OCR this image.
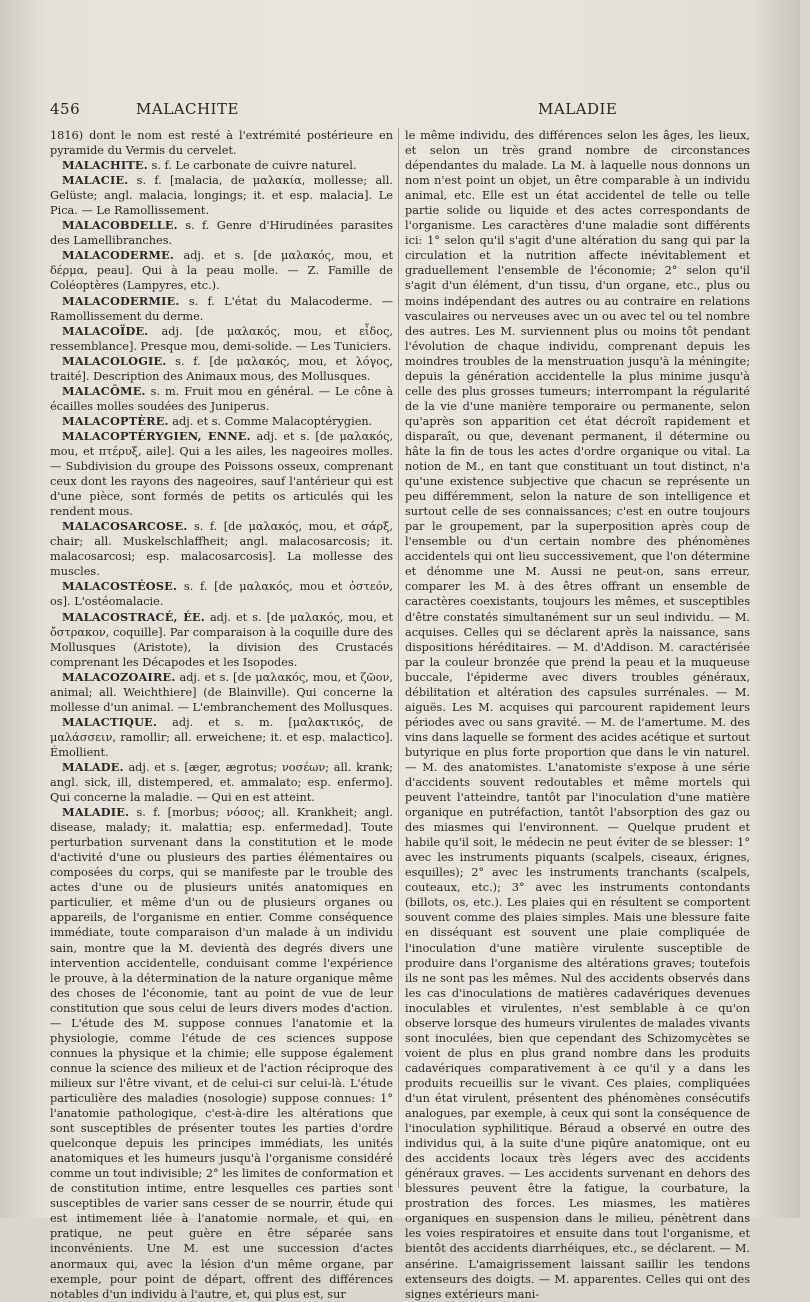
456	MALACHITE	MALADIE

1816) dont le nom est resté à l'extrémité postérieure en pyramide du Vermis du cervelet.

MALACHITE. s. f. Le carbonate de cuivre naturel.

MALACIE. s. f. [malacia, de μαλακία, mollesse; all. Gelüste; angl. malacia, longings; it. et esp. malacia]. Le Pica. — Le Ramollissement.

MALACOBDELLE. s. f. Genre d'Hirudinées parasites des Lamellibranches.

MALACODERME. adj. et s. [de μαλακός, mou, et δέρμα, peau]. Qui à la peau molle. — Z. Famille de Coléoptères (Lampyres, etc.).

MALACODERMIE. s. f. L'état du Malacoderme. — Ramollissement du derme.

MALACOÏDE. adj. [de μαλακός, mou, et εἶδος, ressemblance]. Presque mou, demi-solide. — Les Tuniciers.

MALACOLOGIE. s. f. [de μαλακός, mou, et λόγος, traité]. Description des Animaux mous, des Mollusques.

MALACÔME. s. m. Fruit mou en général. — Le cône à écailles molles soudées des Juniperus.

MALACOPTÈRE. adj. et s. Comme Malacoptérygien.

MALACOPTÉRYGIEN, ENNE. adj. et s. [de μαλακός, mou, et πτέρυξ, aile]. Qui a les ailes, les nageoires molles. — Subdivision du groupe des Poissons osseux, comprenant ceux dont les rayons des nageoires, sauf l'antérieur qui est d'une pièce, sont formés de petits os articulés qui les rendent mous.

MALACOSARCOSE. s. f. [de μαλακός, mou, et σάρξ, chair; all. Muskelschlaffheit; angl. malacosarcosis; it. malacosarcosi; esp. malacosarcosis]. La mollesse des muscles.

MALACOSTÉOSE. s. f. [de μαλακός, mou et ὀστεόν, os]. L'ostéomalacie.

MALACOSTRACÉ, ÉE. adj. et s. [de μαλακός, mou, et ὄστρακον, coquille]. Par comparaison à la coquille dure des Mollusques (Aristote), la division des Crustacés comprenant les Décapodes et les Isopodes.

MALACOZOAIRE. adj. et s. [de μαλακός, mou, et ζῶον, animal; all. Weichthiere] (de Blainville). Qui concerne la mollesse d'un animal. — L'embranchement des Mollusques.

MALACTIQUE. adj. et s. m. [μαλακτικός, de μαλάσσειν, ramollir; all. erweichene; it. et esp. malactico]. Émollient.

MALADE. adj. et s. [æger, ægrotus; νοσέων; all. krank; angl. sick, ill, distempered, et. ammalato; esp. enfermo]. Qui concerne la maladie. — Qui en est atteint.

MALADIE. s. f. [morbus; νόσος; all. Krankheit; angl. disease, malady; it. malattia; esp. enfermedad]. Toute perturbation survenant dans la constitution et le mode d'activité d'une ou plusieurs des parties élémentaires ou composées du corps, qui se manifeste par le trouble des actes d'une ou de plusieurs unités anatomiques en particulier, et même d'un ou de plusieurs organes ou appareils, de l'organisme en entier. Comme conséquence immédiate, toute comparaison d'un malade à un individu sain, montre que la M. devientà des degrés divers une intervention accidentelle, conduisant comme l'expérience le prouve, à la détermination de la nature organique même des choses de l'économie, tant au point de vue de leur constitution que sous celui de leurs divers modes d'action. — L'étude des M. suppose connues l'anatomie et la physiologie, comme l'étude de ces sciences suppose connues la physique et la chimie; elle suppose également connue la science des milieux et de l'action réciproque des milieux sur l'être vivant, et de celui-ci sur celui-là. L'étude particulière des maladies (nosologie) suppose connues: 1° l'anatomie pathologique, c'est-à-dire les altérations que sont susceptibles de présenter toutes les parties d'ordre quelconque depuis les principes immédiats, les unités anatomiques et les humeurs jusqu'à l'organisme considéré comme un tout indivisible; 2° les limites de conformation et de constitution intime, entre lesquelles ces parties sont susceptibles de varier sans cesser de se nourrir, étude qui est intimement liée à l'anatomie normale, et qui, en pratique, ne peut guère en être séparée sans inconvénients. Une M. est une succession d'actes anormaux qui, avec la lésion d'un même organe, par exemple, pour point de départ, offrent des différences notables d'un individu à l'autre, et, qui plus est, sur

le même individu, des différences selon les âges, les lieux, et selon un très grand nombre de circonstances dépendantes du malade. La M. à laquelle nous donnons un nom n'est point un objet, un être comparable à un individu animal, etc. Elle est un état accidentel de telle ou telle partie solide ou liquide et des actes correspondants de l'organisme. Les caractères d'une maladie sont différents ici: 1° selon qu'il s'agit d'une altération du sang qui par la circulation et la nutrition affecte inévitablement et graduellement l'ensemble de l'économie; 2° selon qu'il s'agit d'un élément, d'un tissu, d'un organe, etc., plus ou moins indépendant des autres ou au contraire en relations vasculaires ou nerveuses avec un ou avec tel ou tel nombre des autres. Les M. surviennent plus ou moins tôt pendant l'évolution de chaque individu, comprenant depuis les moindres troubles de la menstruation jusqu'à la méningite; depuis la génération accidentelle la plus minime jusqu'à celle des plus grosses tumeurs; interrompant la régularité de la vie d'une manière temporaire ou permanente, selon qu'après son apparition cet état décroît rapidement et disparaît, ou que, devenant permanent, il détermine ou hâte la fin de tous les actes d'ordre organique ou vital. La notion de M., en tant que constituant un tout distinct, n'a qu'une existence subjective que chacun se représente un peu différemment, selon la nature de son intelligence et surtout celle de ses connaissances; c'est en outre toujours par le groupement, par la superposition après coup de l'ensemble ou d'un certain nombre des phénomènes accidentels qui ont lieu successivement, que l'on détermine et dénomme une M. Aussi ne peut-on, sans erreur, comparer les M. à des êtres offrant un ensemble de caractères coexistants, toujours les mêmes, et susceptibles d'être constatés simultanément sur un seul individu. — M. acquises. Celles qui se déclarent après la naissance, sans dispositions héréditaires. — M. d'Addison. M. caractérisée par la couleur bronzée que prend la peau et la muqueuse buccale, l'épiderme avec divers troubles généraux, débilitation et altération des capsules surrénales. — M. aiguës. Les M. acquises qui parcourent rapidement leurs périodes avec ou sans gravité. — M. de l'amertume. M. des vins dans laquelle se forment des acides acétique et surtout butyrique en plus forte proportion que dans le vin naturel. — M. des anatomistes. L'anatomiste s'expose à une série d'accidents souvent redoutables et même mortels qui peuvent l'atteindre, tantôt par l'inoculation d'une matière organique en putréfaction, tantôt l'absorption des gaz ou des miasmes qui l'environnent. — Quelque prudent et habile qu'il soit, le médecin ne peut éviter de se blesser: 1° avec les instruments piquants (scalpels, ciseaux, érignes, esquilles); 2° avec les instruments tranchants (scalpels, couteaux, etc.); 3° avec les instruments contondants (billots, os, etc.). Les plaies qui en résultent se comportent souvent comme des plaies simples. Mais une blessure faite en disséquant est souvent une plaie compliquée de l'inoculation d'une matière virulente susceptible de produire dans l'organisme des altérations graves; toutefois ils ne sont pas les mêmes. Nul des accidents observés dans les cas d'inoculations de matières cadavériques devenues inoculables et virulentes, n'est semblable à ce qu'on observe lorsque des humeurs virulentes de malades vivants sont inoculées, bien que cependant des Schizomycètes se voient de plus en plus grand nombre dans les produits cadavériques comparativement à ce qu'il y a dans les produits recueillis sur le vivant. Ces plaies, compliquées d'un état virulent, présentent des phénomènes consécutifs analogues, par exemple, à ceux qui sont la conséquence de l'inoculation syphilitique. Béraud a observé en outre des individus qui, à la suite d'une piqûre anatomique, ont eu des accidents locaux très légers avec des accidents généraux graves. — Les accidents survenant en dehors des blessures peuvent être la fatigue, la courbature, la prostration des forces. Les miasmes, les matières organiques en suspension dans le milieu, pénètrent dans les voies respiratoires et ensuite dans tout l'organisme, et bientôt des accidents diarrhéiques, etc., se déclarent. — M. ansérine. L'amaigrissement laissant saillir les tendons extenseurs des doigts. — M. apparentes. Celles qui ont des signes extérieurs mani-
